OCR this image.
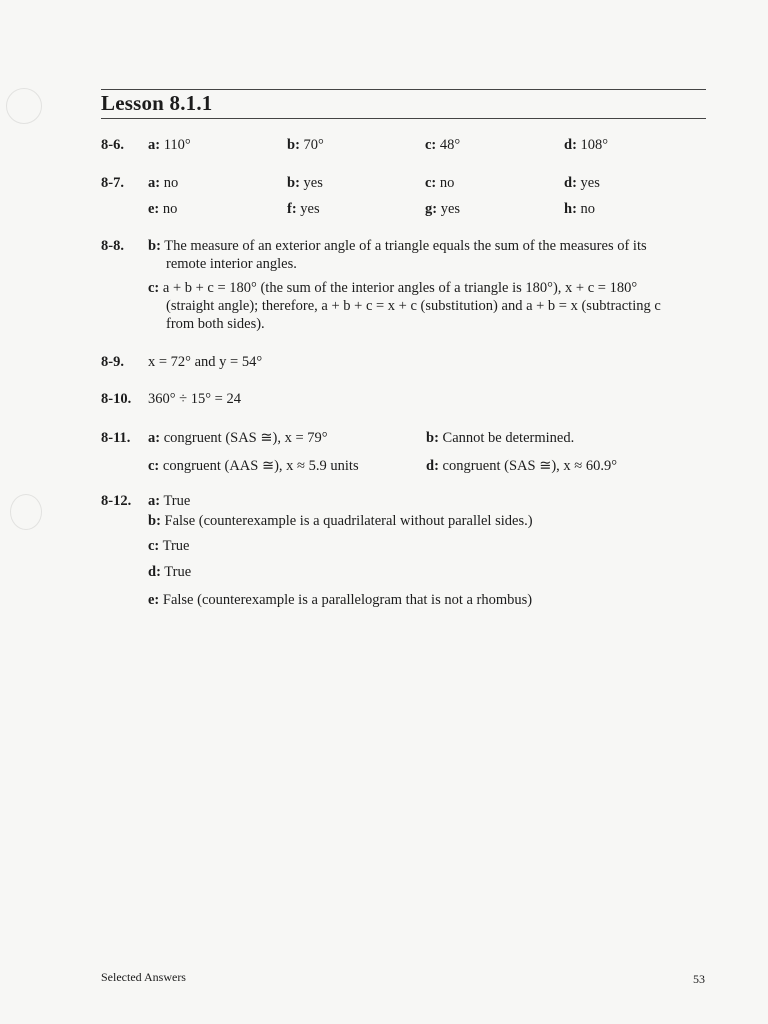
Lesson 8.1.1
8-6. a: 110°	b: 70°	c: 48°	d: 108°
8-7. a: no	b: yes	c: no	d: yes
e: no	f: yes	g: yes	h: no
8-8. b: The measure of an exterior angle of a triangle equals the sum of the measures of its
remote interior angles.
c: a + b + c = 180° (the sum of the interior angles of a triangle is 180°), x + c = 180°
(straight angle); therefore, a + b + c = x + c (substitution) and a + b = x (subtracting c
from both sides).
8-9. x = 72° and y = 54°
8-10. 360° ÷ 15° = 24
8-11. a: congruent (SAS ≅), x = 79°	b: Cannot be determined.
c: congruent (AAS ≅), x ≈ 5.9 units	d: congruent (SAS ≅), x ≈ 60.9°
8-12. a: True
b: False (counterexample is a quadrilateral without parallel sides.)
c: True
d: True
e: False (counterexample is a parallelogram that is not a rhombus)
Selected Answers	53
